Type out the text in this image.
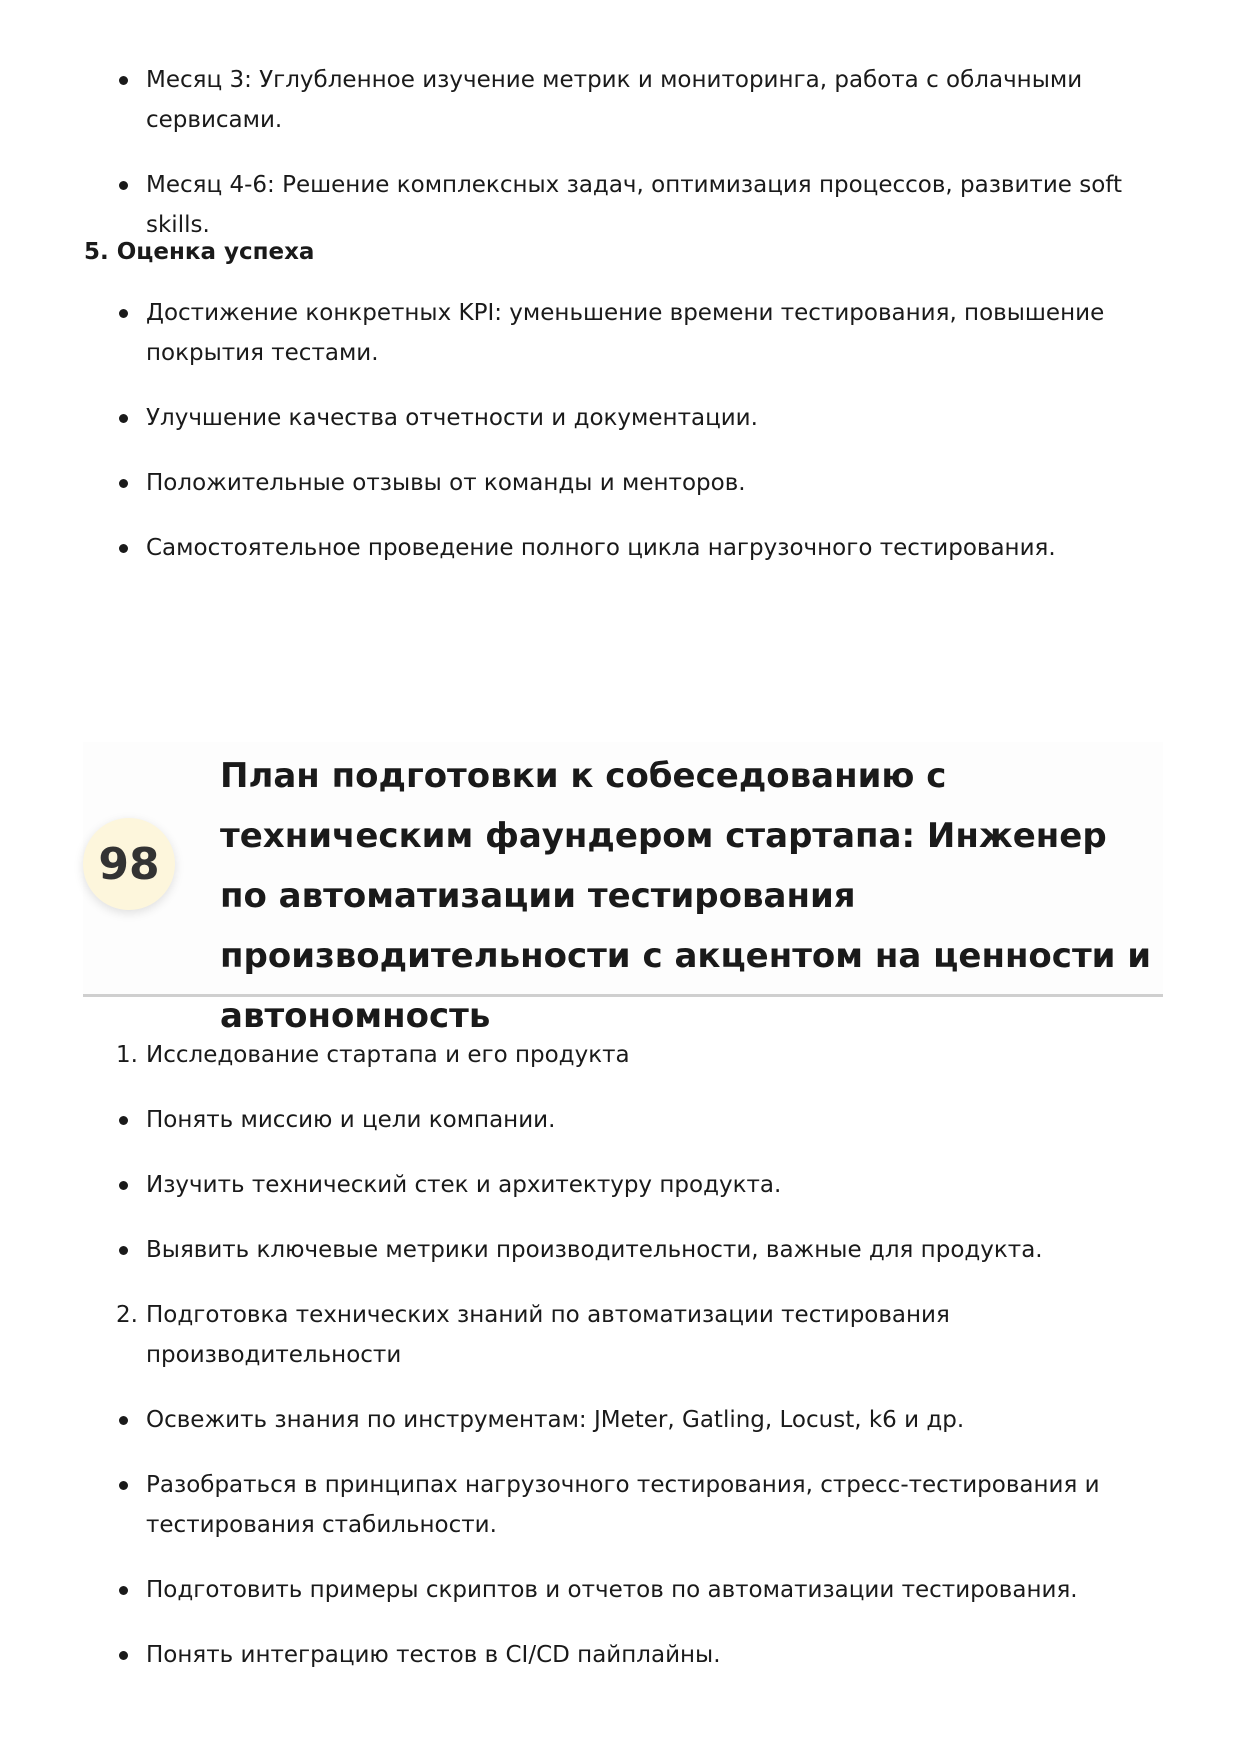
Месяц 3: Углубленное изучение метрик и мониторинга, работа с облачными сервисами.
Месяц 4-6: Решение комплексных задач, оптимизация процессов, развитие soft skills.
5. Оценка успеха
Достижение конкретных KPI: уменьшение времени тестирования, повышение покрытия тестами.
Улучшение качества отчетности и документации.
Положительные отзывы от команды и менторов.
Самостоятельное проведение полного цикла нагрузочного тестирования.
98
План подготовки к собеседованию с техническим фаундером стартапа: Инженер по автоматизации тестирования производительности с акцентом на ценности и автономность
1. Исследование стартапа и его продукта
Понять миссию и цели компании.
Изучить технический стек и архитектуру продукта.
Выявить ключевые метрики производительности, важные для продукта.
2. Подготовка технических знаний по автоматизации тестирования производительности
Освежить знания по инструментам: JMeter, Gatling, Locust, k6 и др.
Разобраться в принципах нагрузочного тестирования, стресс-тестирования и тестирования стабильности.
Подготовить примеры скриптов и отчетов по автоматизации тестирования.
Понять интеграцию тестов в CI/CD пайплайны.
